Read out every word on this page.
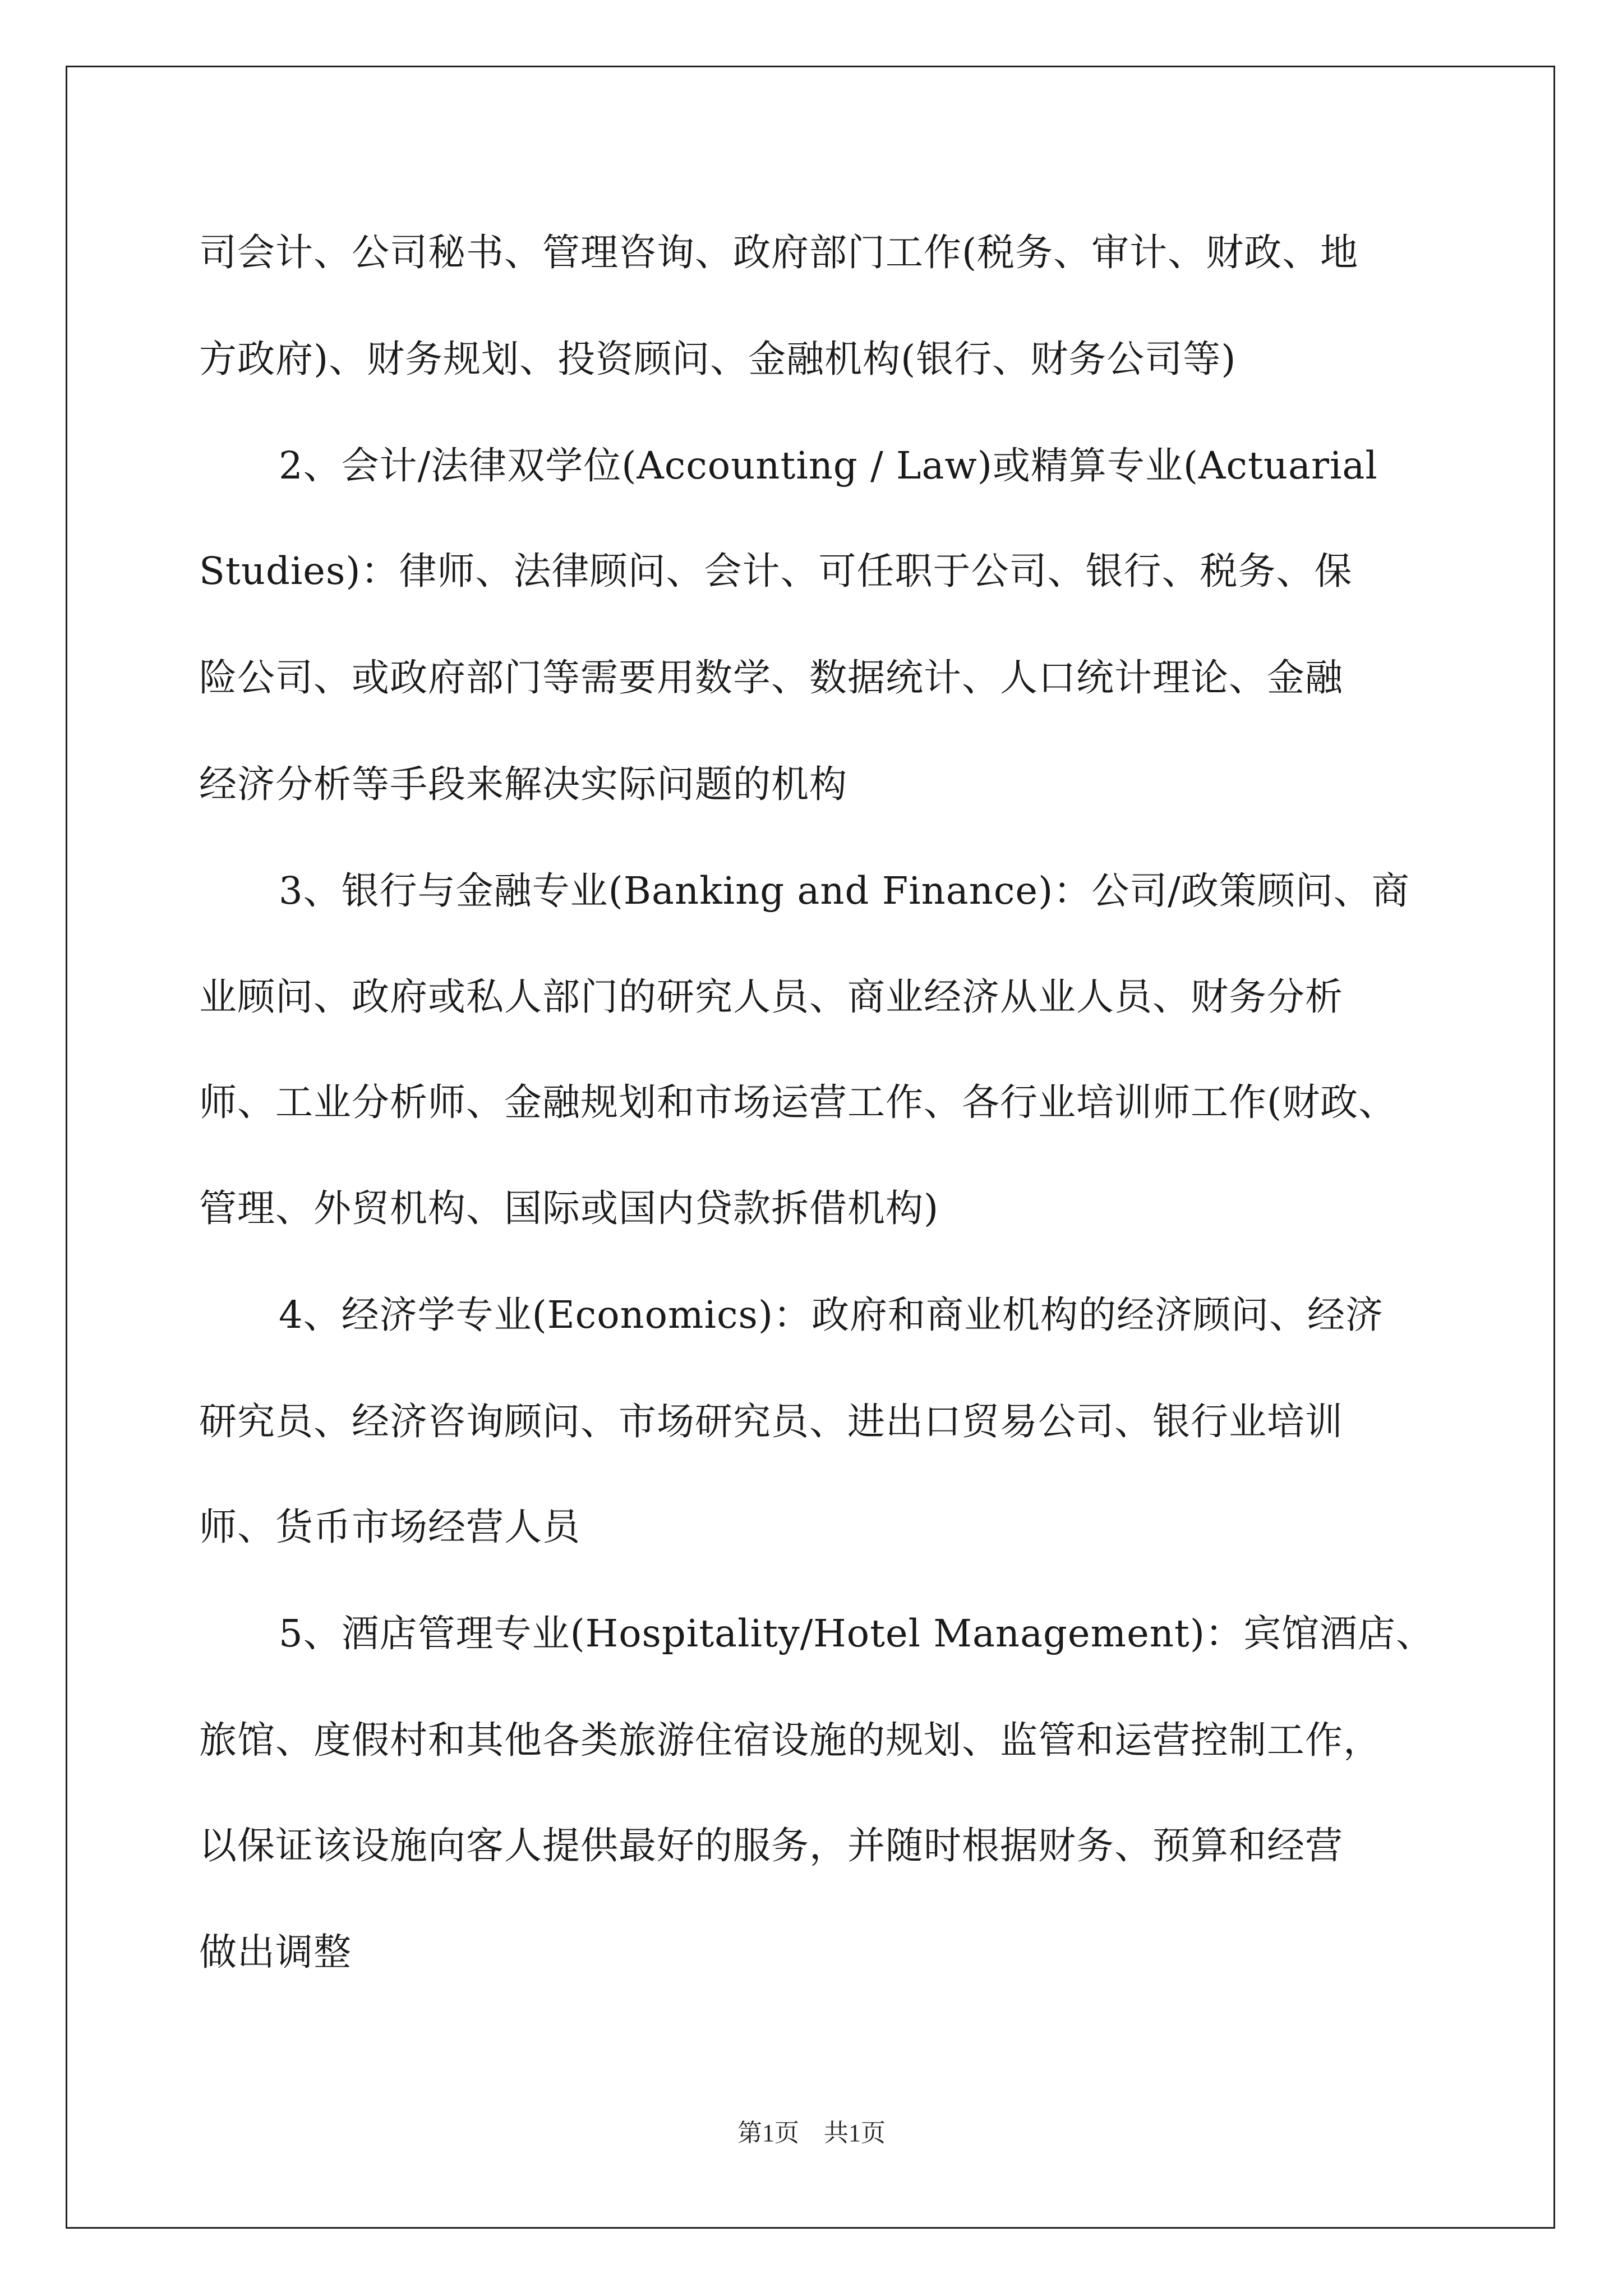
司会计、公司秘书、管理咨询、政府部门工作(税务、审计、财政、地
方政府)、财务规划、投资顾问、金融机构(银行、财务公司等)
2、会计/法律双学位(Accounting / Law)或精算专业(Actuarial
Studies)：律师、法律顾问、会计、可任职于公司、银行、税务、保
险公司、或政府部门等需要用数学、数据统计、人口统计理论、金融
经济分析等手段来解决实际问题的机构
3、银行与金融专业(Banking and Finance)：公司/政策顾问、商
业顾问、政府或私人部门的研究人员、商业经济从业人员、财务分析
师、工业分析师、金融规划和市场运营工作、各行业培训师工作(财政、
管理、外贸机构、国际或国内贷款拆借机构)
4、经济学专业(Economics)：政府和商业机构的经济顾问、经济
研究员、经济咨询顾问、市场研究员、进出口贸易公司、银行业培训
师、货币市场经营人员
5、酒店管理专业(Hospitality/Hotel Management)：宾馆酒店、
旅馆、度假村和其他各类旅游住宿设施的规划、监管和运营控制工作，
以保证该设施向客人提供最好的服务，并随时根据财务、预算和经营
做出调整
第1页　共1页
